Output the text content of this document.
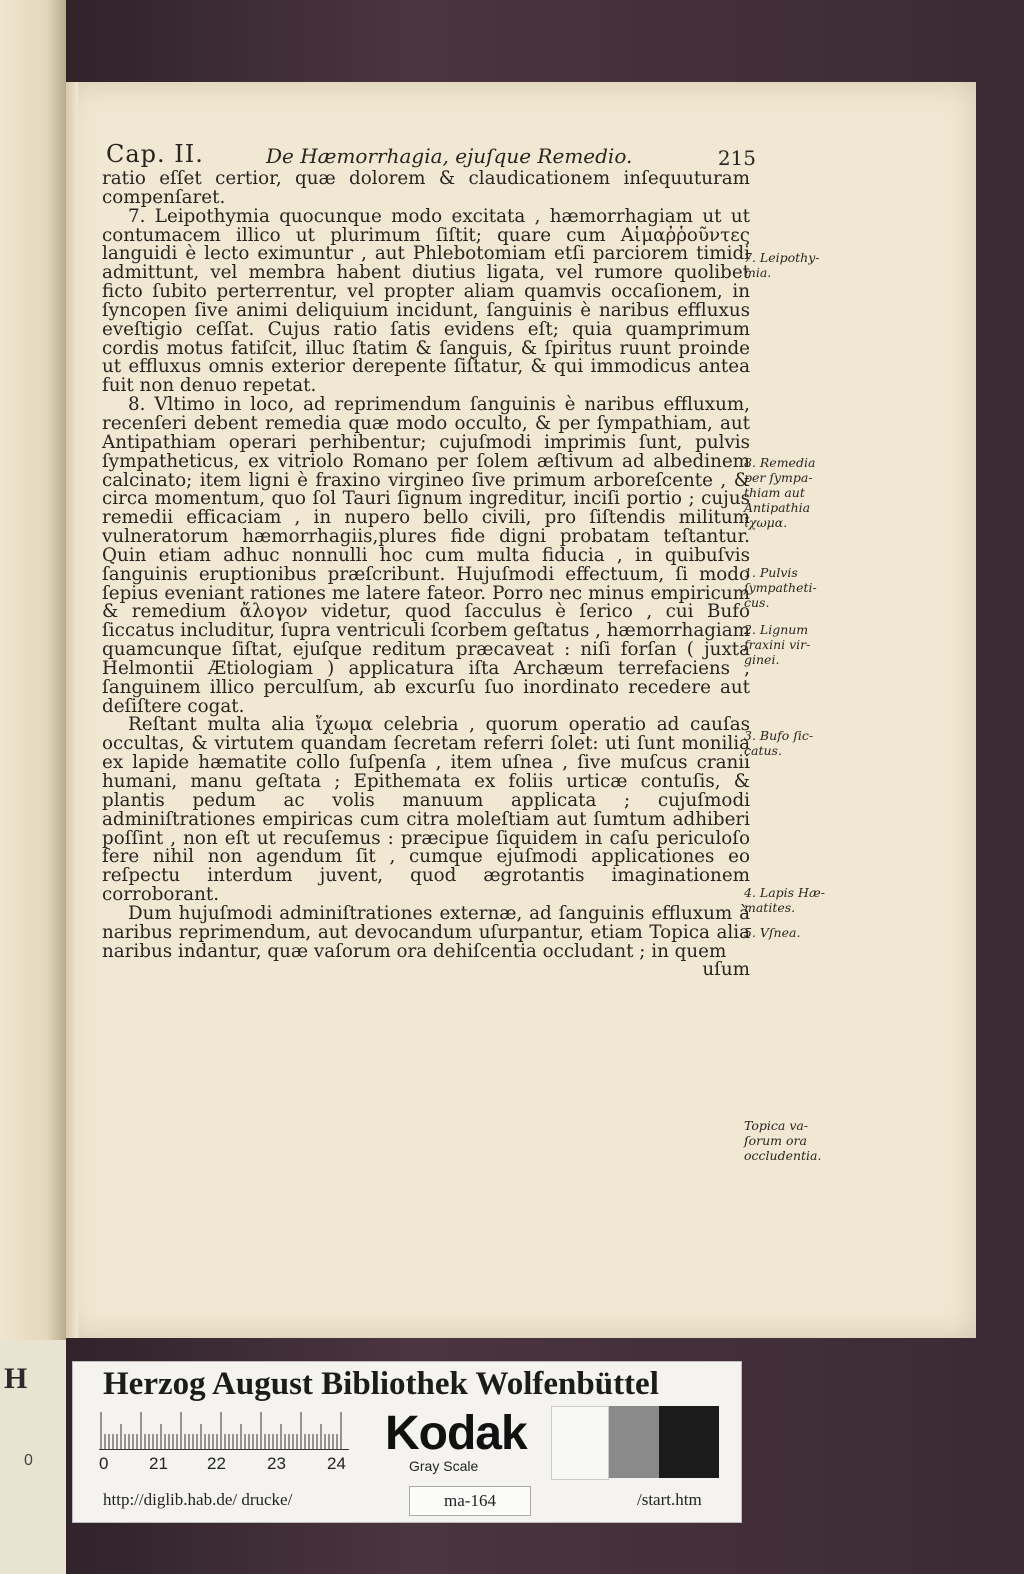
Cap. II.	De Hæmorrhagia, ejuſque Remedio.	215

ratio eſſet certior, quæ dolorem & claudicationem inſequuturam compenſaret.

7. Leipothymia quocunque modo excitata , hæmorrhagiam ut ut contumacem illico ut plurimum ſiſtit; quare cum Αἱμαῤῥοῦντες languidi è lecto eximuntur , aut Phlebotomiam etſi parciorem timidi admittunt, vel membra habent diutius ligata, vel rumore quolibet ficto ſubito perterrentur, vel propter aliam quamvis occaſionem, in ſyncopen ſive animi deliquium incidunt, ſanguinis è naribus effluxus eveſtigio ceſſat. Cujus ratio ſatis evidens eſt; quia quamprimum cordis motus fatiſcit, illuc ſtatim & ſanguis, & ſpiritus ruunt proinde ut effluxus omnis exterior derepente ſiſtatur, & qui immodicus antea fuit non denuo repetat.

8. Vltimo in loco, ad reprimendum ſanguinis è naribus effluxum, recenſeri debent remedia quæ modo occulto, & per ſympathiam, aut Antipathiam operari perhibentur; cujuſmodi imprimis ſunt, pulvis ſympatheticus, ex vitriolo Romano per ſolem æſtivum ad albedinem calcinato; item ligni è fraxino virgineo ſive primum arboreſcente , & circa momentum, quo ſol Tauri ſignum ingreditur, inciſi portio ; cujus remedii efficaciam , in nupero bello civili, pro ſiſtendis militum vulneratorum hæmorrhagiis,plures fide digni probatam teſtantur. Quin etiam adhuc nonnulli hoc cum multa fiducia , in quibuſvis ſanguinis eruptionibus præſcribunt. Hujuſmodi effectuum, ſi modo ſepius eveniant rationes me latere fateor. Porro nec minus empiricum & remedium ἄλογον videtur, quod ſacculus è ſerico , cui Bufo ſiccatus includitur, ſupra ventriculi ſcorbem geſtatus , hæmorrhagiam quamcunque ſiſtat, ejuſque reditum præcaveat : niſi forſan ( juxta Helmontii Ætiologiam ) applicatura iſta Archæum terrefaciens , ſanguinem illico perculſum, ab excurſu ſuo inordinato recedere aut deſiſtere cogat.

Reſtant multa alia ἴχωμα celebria , quorum operatio ad cauſas occultas, & virtutem quandam ſecretam referri ſolet: uti ſunt monilia ex lapide hæmatite collo ſuſpenſa , item uſnea , ſive muſcus cranii humani, manu geſtata ; Epithemata ex foliis urticæ contuſis, & plantis pedum ac volis manuum applicata ; cujuſmodi adminiſtrationes empiricas cum citra moleſtiam aut ſumtum adhiberi poſſint , non eſt ut recuſemus : præcipue ſiquidem in caſu periculoſo fere nihil non agendum ſit , cumque ejuſmodi applicationes eo reſpectu interdum juvent, quod ægrotantis imaginationem corroborant.

Dum hujuſmodi adminiſtrationes externæ, ad ſanguinis effluxum à naribus reprimendum, aut devocandum uſurpantur, etiam Topica alia naribus indantur, quæ vaſorum ora dehiſcentia occludant ; in quem

uſum

7. Leipothy-
mia.
8. Remedia
per ſympa-
thiam aut
Antipathia
ἴχωμα.
1. Pulvis
ſympatheti-
cus.
2. Lignum
fraxini vir-
ginei.
3. Bufo ſic-
catus.
4. Lapis Hæ-
matites.
5. Vſnea.
Topica va-
ſorum ora
occludentia.
H
0
Herzog August Bibliothek Wolfenbüttel
0 21 22 23 24
Kodak
Gray Scale
http://diglib.hab.de/ drucke/	ma-164	/start.htm
